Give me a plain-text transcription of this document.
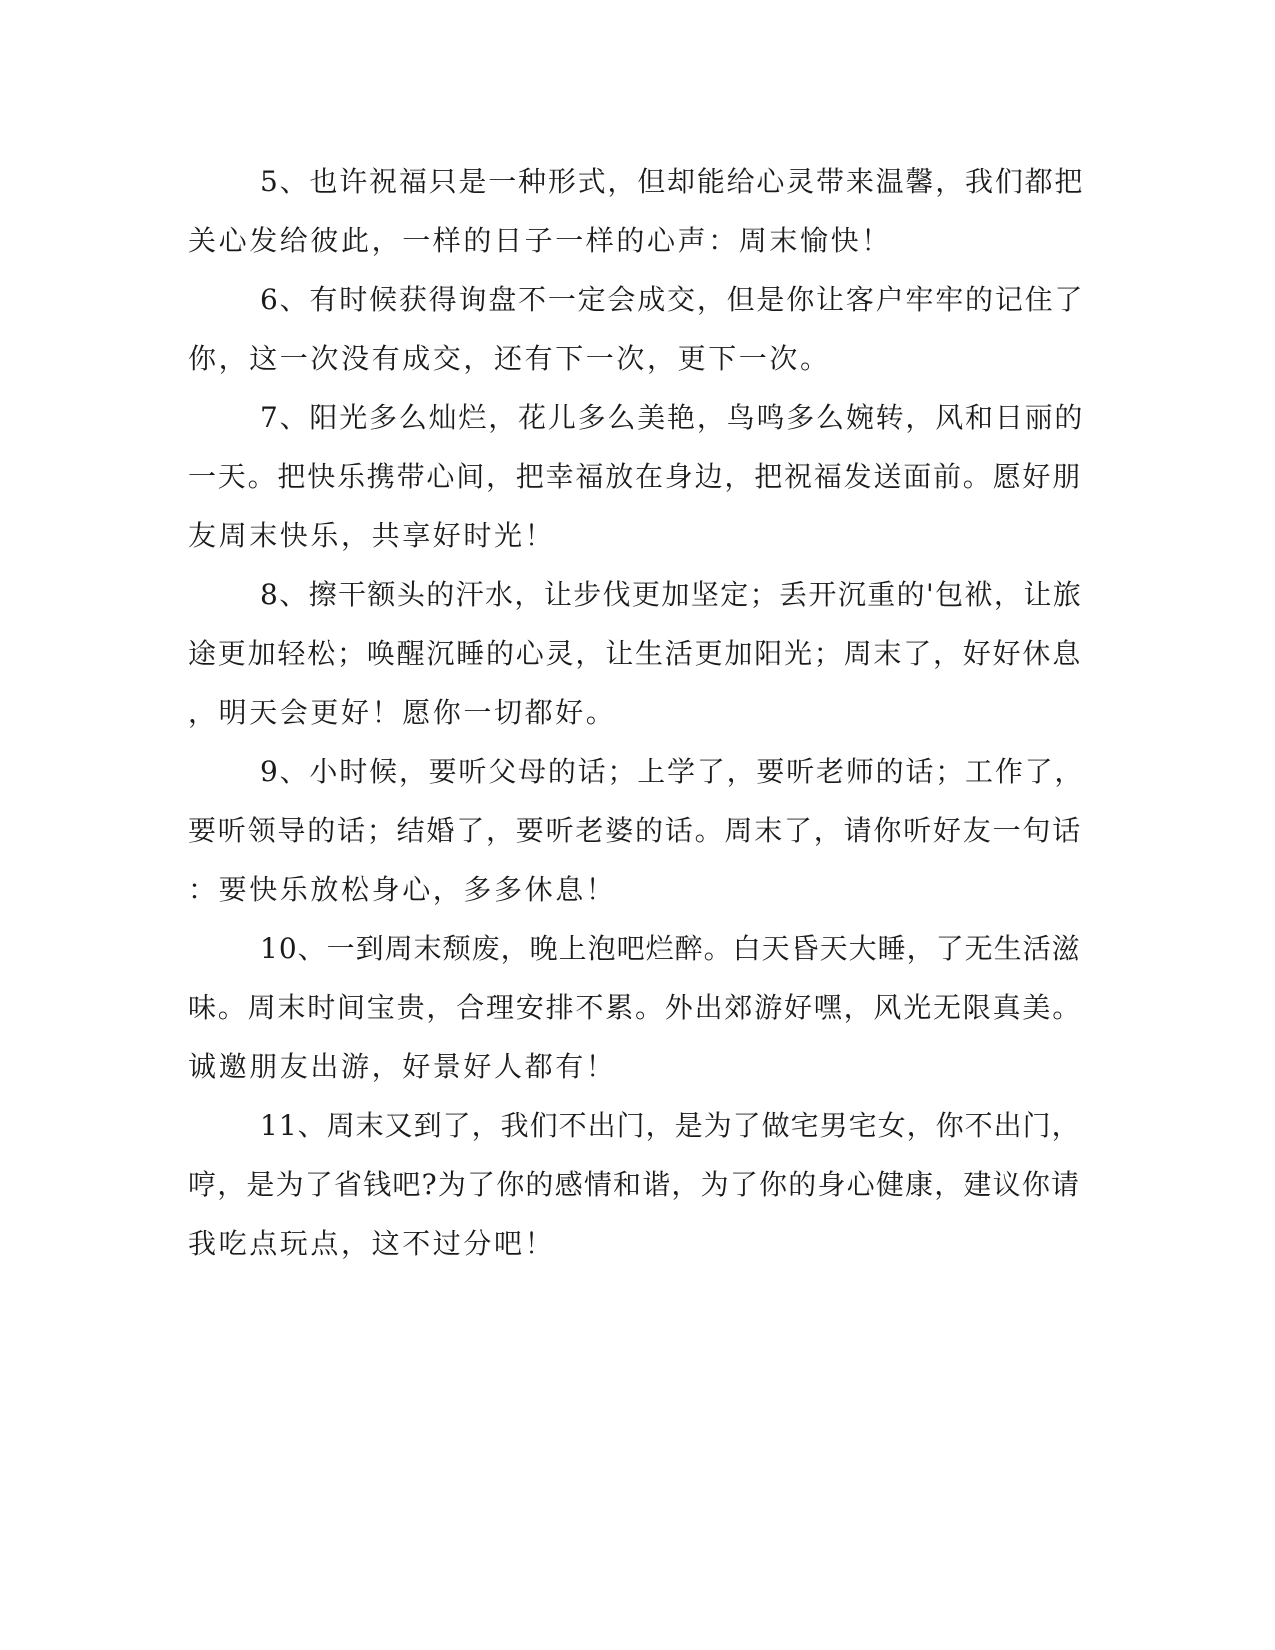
5、也许祝福只是一种形式，但却能给心灵带来温馨，我们都把
关心发给彼此，一样的日子一样的心声：周末愉快！
6、有时候获得询盘不一定会成交，但是你让客户牢牢的记住了
你，这一次没有成交，还有下一次，更下一次。
7、阳光多么灿烂，花儿多么美艳，鸟鸣多么婉转，风和日丽的
一天。把快乐携带心间，把幸福放在身边，把祝福发送面前。愿好朋
友周末快乐，共享好时光！
8、擦干额头的汗水，让步伐更加坚定；丢开沉重的'包袱，让旅
途更加轻松；唤醒沉睡的心灵，让生活更加阳光；周末了，好好休息
，明天会更好！愿你一切都好。
9、小时候，要听父母的话；上学了，要听老师的话；工作了，
要听领导的话；结婚了，要听老婆的话。周末了，请你听好友一句话
：要快乐放松身心，多多休息！
10、一到周末颓废，晚上泡吧烂醉。白天昏天大睡，了无生活滋
味。周末时间宝贵，合理安排不累。外出郊游好嘿，风光无限真美。
诚邀朋友出游，好景好人都有！
11、周末又到了，我们不出门，是为了做宅男宅女，你不出门，
哼，是为了省钱吧?为了你的感情和谐，为了你的身心健康，建议你请
我吃点玩点，这不过分吧！
